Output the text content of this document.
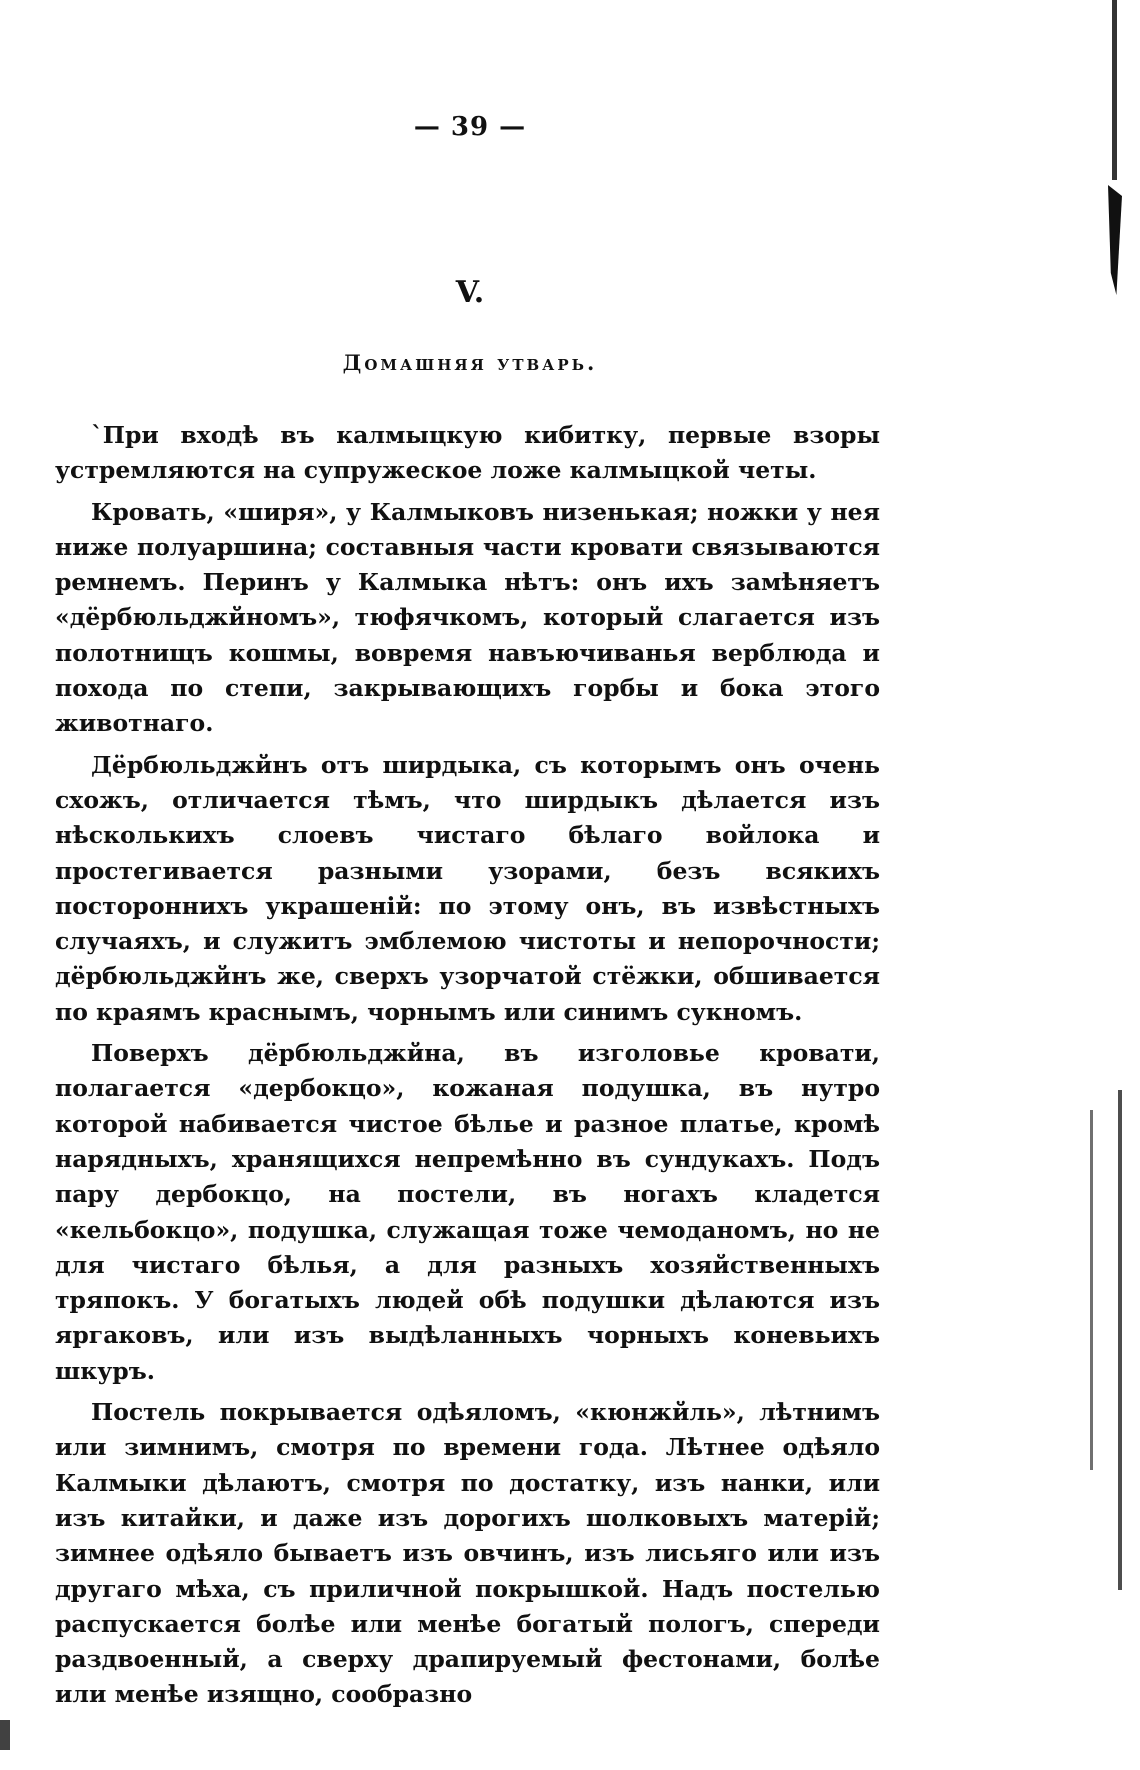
— 39 —
V.
Домашняя утварь.

`При входѣ въ калмыцкую кибитку, первые взоры устремляются на супружеское ложе калмыцкой четы.

Кровать, «ширя», у Калмыковъ низенькая; ножки у нея ниже полуаршина; составныя части кровати связываются ремнемъ. Перинъ у Калмыка нѣтъ: онъ ихъ замѣняетъ «дёрбюльджйномъ», тюфячкомъ, который слагается изъ полотнищъ кошмы, вовремя навъючиванья верблюда и похода по степи, закрывающихъ горбы и бока этого животнаго.

Дёрбюльджйнъ отъ ширдыка, съ которымъ онъ очень схожъ, отличается тѣмъ, что ширдыкъ дѣлается изъ нѣсколькихъ слоевъ чистаго бѣлаго войлока и простегивается разными узорами, безъ всякихъ постороннихъ украшеній: по этому онъ, въ извѣстныхъ случаяхъ, и служитъ эмблемою чистоты и непорочности; дёрбюльджйнъ же, сверхъ узорчатой стёжки, обшивается по краямъ краснымъ, чорнымъ или синимъ сукномъ.

Поверхъ дёрбюльджйна, въ изголовье кровати, полагается «дербокцо», кожаная подушка, въ нутро которой набивается чистое бѣлье и разное платье, кромѣ нарядныхъ, хранящихся непремѣнно въ сундукахъ. Подъ пару дербокцо, на постели, въ ногахъ кладется «кельбокцо», подушка, служащая тоже чемоданомъ, но не для чистаго бѣлья, а для разныхъ хозяйственныхъ тряпокъ. У богатыхъ людей обѣ подушки дѣлаются изъ яргаковъ, или изъ выдѣланныхъ чорныхъ коневьихъ шкуръ.

Постель покрывается одѣяломъ, «кюнжйль», лѣтнимъ или зимнимъ, смотря по времени года. Лѣтнее одѣяло Калмыки дѣлаютъ, смотря по достатку, изъ нанки, или изъ китайки, и даже изъ дорогихъ шолковыхъ матерій; зимнее одѣяло бываетъ изъ овчинъ, изъ лисьяго или изъ другаго мѣха, съ приличной покрышкой. Надъ постелью распускается болѣе или менѣе богатый пологъ, спереди раздвоенный, а сверху драпируемый фестонами, болѣе или менѣе изящно, сообразно
